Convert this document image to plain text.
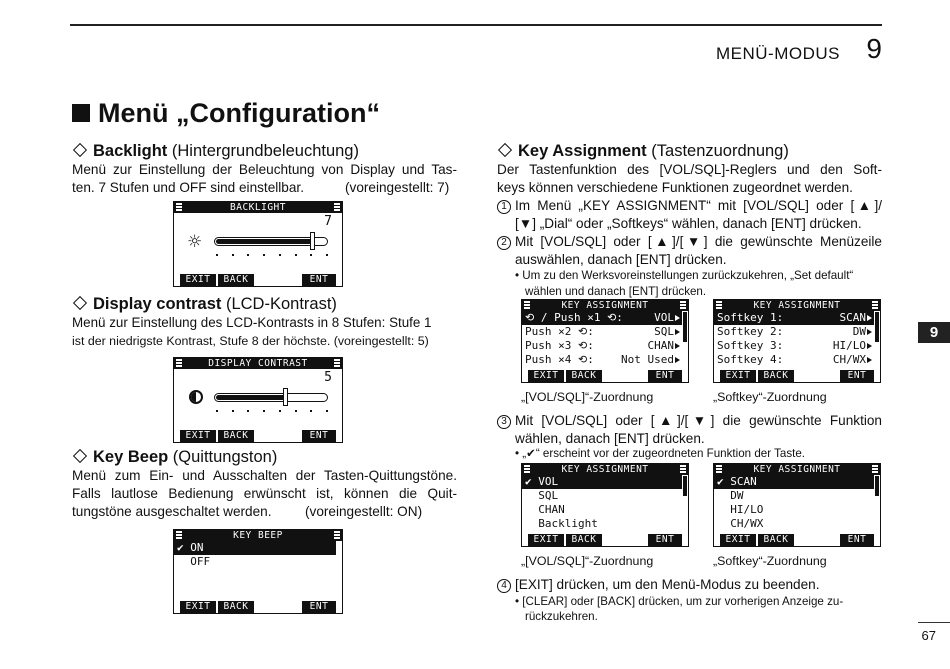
MENÜ-MODUS 9
Menü „Configuration“
Backlight (Hintergrundbeleuchtung)
Menü zur Einstellung der Beleuchtung von Display und Tas-
ten. 7 Stufen und OFF sind einstellbar.	(voreingestellt: 7)
BACKLIGHT
7
☼
EXIT	BACK	ENT
Display contrast (LCD-Kontrast)
Menü zur Einstellung des LCD-Kontrasts in 8 Stufen: Stufe 1
ist der niedrigste Kontrast, Stufe 8 der höchste. (voreingestellt: 5)
DISPLAY CONTRAST
5
EXIT	BACK	ENT
Key Beep (Quittungston)
Menü zum Ein- und Ausschalten der Tasten-Quittungstöne.
Falls lautlose Bedienung erwünscht ist, können die Quit-
tungstöne ausgeschaltet werden. (voreingestellt: ON)
KEY BEEP
✔ ON
OFF
EXIT	BACK	ENT
Key Assignment (Tastenzuordnung)
Der Tastenfunktion des [VOL/SQL]-Reglers und den Soft-
keys können verschiedene Funktionen zugeordnet werden.
1 Im Menü „KEY ASSIGNMENT“ mit [VOL/SQL] oder [▲]/
[▼] „Dial“ oder „Softkeys“ wählen, danach [ENT] drücken.
2 Mit [VOL/SQL] oder [▲]/[▼] die gewünschte Menüzeile
auswählen, danach [ENT] drücken.
• Um zu den Werksvoreinstellungen zurückzukehren, „Set default“
wählen und danach [ENT] drücken.
KEY ASSIGNMENT
⟲ / Push ×1 ⟲:	VOL
Push ×2 ⟲:	SQL
Push ×3 ⟲:	CHAN
Push ×4 ⟲: Not Used
EXIT	BACK	ENT
KEY ASSIGNMENT
Softkey 1:	SCAN
Softkey 2:	DW
Softkey 3:	HI/LO
Softkey 4:	CH/WX
EXIT	BACK	ENT
„[VOL/SQL]“-Zuordnung	„Softkey“-Zuordnung
3 Mit [VOL/SQL] oder [▲]/[▼] die gewünschte Funktion
wählen, danach [ENT] drücken.
• „✔“ erscheint vor der zugeordneten Funktion der Taste.
KEY ASSIGNMENT
✔ VOL
SQL
CHAN
Backlight
EXIT	BACK	ENT
KEY ASSIGNMENT
✔ SCAN
DW
HI/LO
CH/WX
EXIT	BACK	ENT
„[VOL/SQL]“-Zuordnung	„Softkey“-Zuordnung
4 [EXIT] drücken, um den Menü-Modus zu beenden.
• [CLEAR] oder [BACK] drücken, um zur vorherigen Anzeige zu-
rückzukehren.
9
67
